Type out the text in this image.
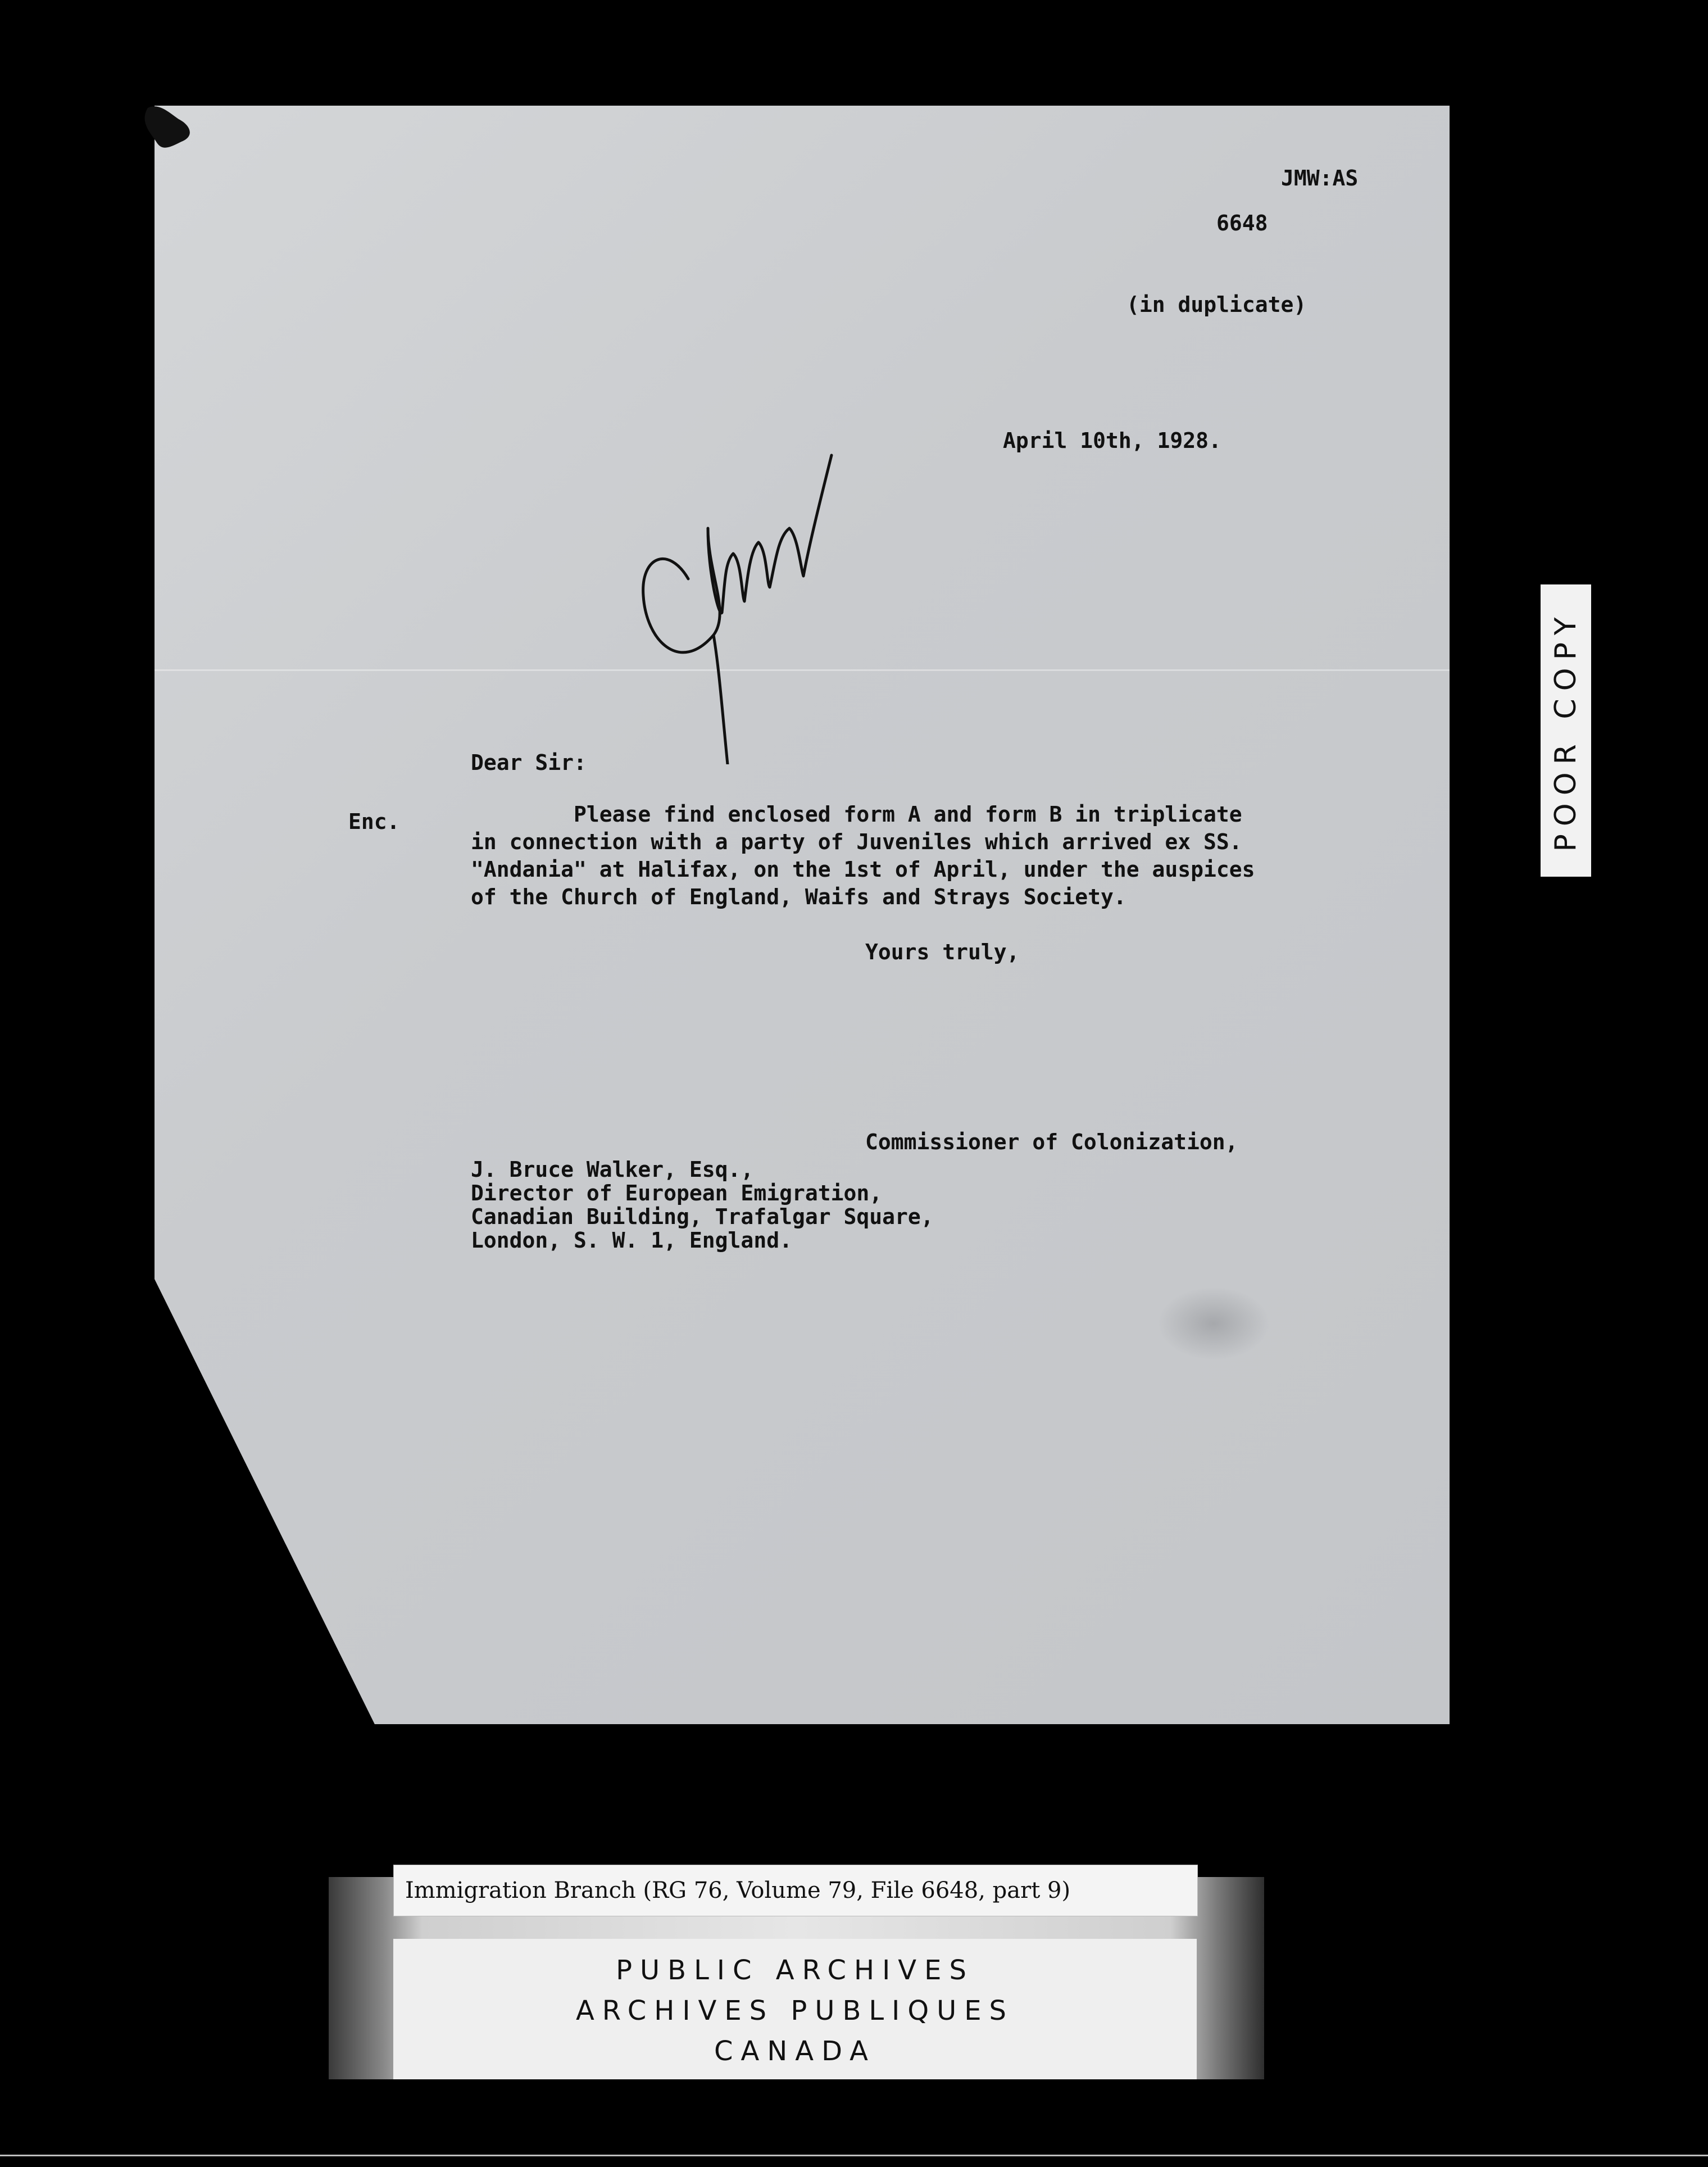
JMW:AS
6648
(in duplicate)
April 10th, 1928.
Dear Sir:
Enc.	Please find enclosed form A and form B in triplicate
in connection with a party of Juveniles which arrived ex SS.
"Andania" at Halifax, on the 1st of April, under the auspices
of the Church of England, Waifs and Strays Society.
Yours truly,
Commissioner of Colonization,
J. Bruce Walker, Esq.,
Director of European Emigration,
Canadian Building, Trafalgar Square,
London, S. W. 1, England.
POOR COPY
Immigration Branch (RG 76, Volume 79, File 6648, part 9)
PUBLIC ARCHIVES
ARCHIVES PUBLIQUES
CANADA
